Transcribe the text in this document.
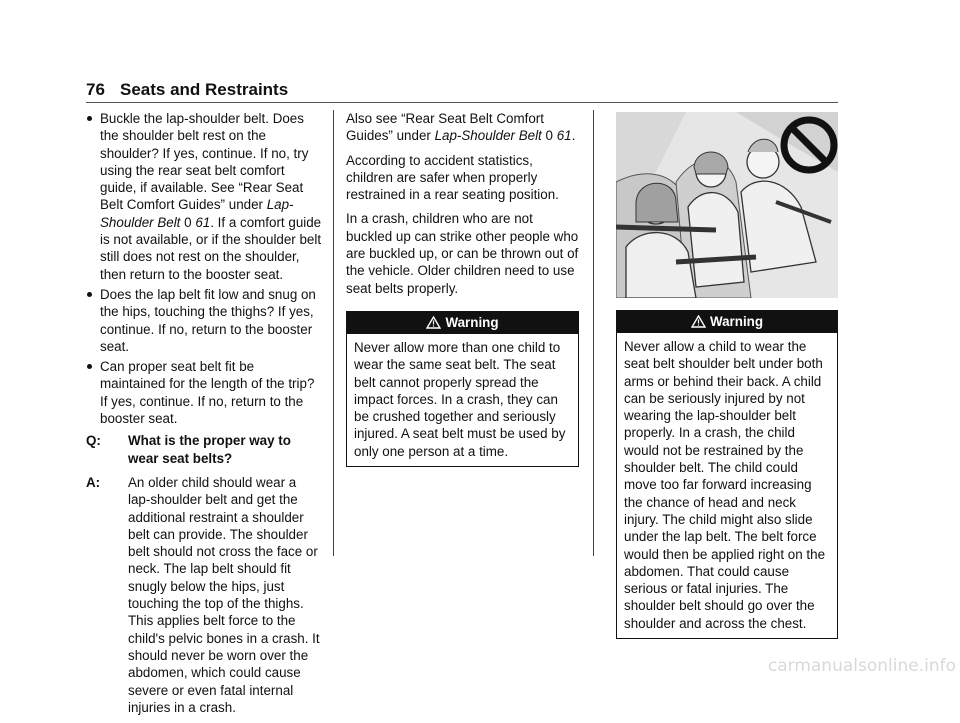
76 Seats and Restraints
Buckle the lap-shoulder belt. Does the shoulder belt rest on the shoulder? If yes, continue. If no, try using the rear seat belt comfort guide, if available. See “Rear Seat Belt Comfort Guides” under Lap-Shoulder Belt 0 61. If a comfort guide is not available, or if the shoulder belt still does not rest on the shoulder, then return to the booster seat.
Does the lap belt fit low and snug on the hips, touching the thighs? If yes, continue. If no, return to the booster seat.
Can proper seat belt fit be maintained for the length of the trip? If yes, continue. If no, return to the booster seat.
Q: What is the proper way to wear seat belts?
A: An older child should wear a lap-shoulder belt and get the additional restraint a shoulder belt can provide. The shoulder belt should not cross the face or neck. The lap belt should fit snugly below the hips, just touching the top of the thighs. This applies belt force to the child's pelvic bones in a crash. It should never be worn over the abdomen, which could cause severe or even fatal internal injuries in a crash.

Also see “Rear Seat Belt Comfort Guides” under Lap-Shoulder Belt 0 61.

According to accident statistics, children are safer when properly restrained in a rear seating position.

In a crash, children who are not buckled up can strike other people who are buckled up, or can be thrown out of the vehicle. Older children need to use seat belts properly.

Warning
Never allow more than one child to wear the same seat belt. The seat belt cannot properly spread the impact forces. In a crash, they can be crushed together and seriously injured. A seat belt must be used by only one person at a time.
Warning
Never allow a child to wear the seat belt shoulder belt under both arms or behind their back. A child can be seriously injured by not wearing the lap-shoulder belt properly. In a crash, the child would not be restrained by the shoulder belt. The child could move too far forward increasing the chance of head and neck injury. The child might also slide under the lap belt. The belt force would then be applied right on the abdomen. That could cause serious or fatal injuries. The shoulder belt should go over the shoulder and across the chest.
carmanualsonline.info
